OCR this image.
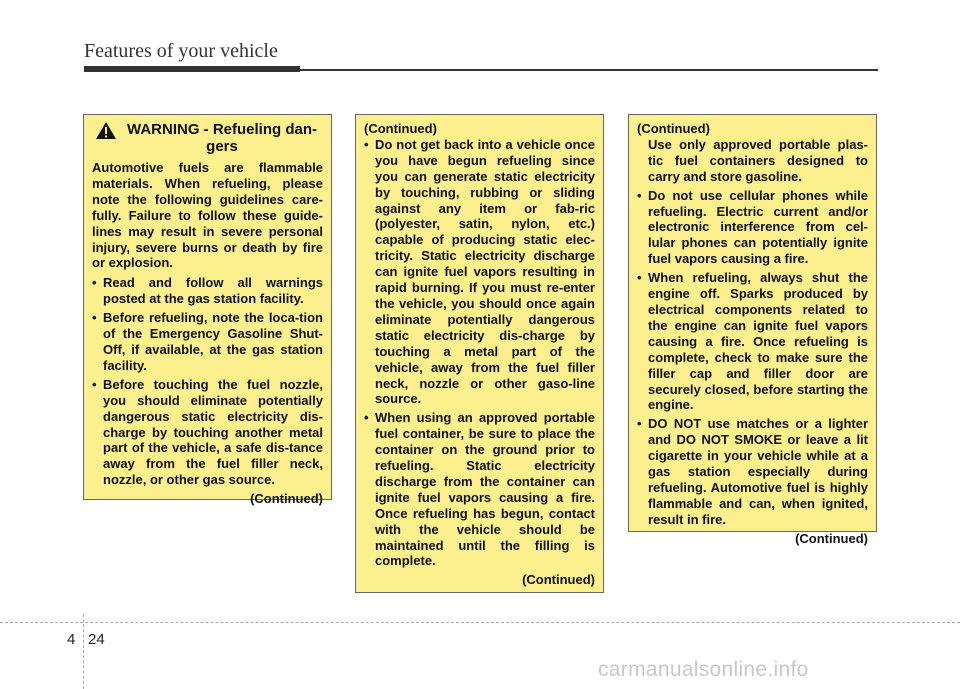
Features of your vehicle
WARNING - Refueling dan-gers

Automotive fuels are flammable materials. When refueling, please note the following guidelines care-fully. Failure to follow these guide-lines may result in severe personal injury, severe burns or death by fire or explosion.

• Read and follow all warnings posted at the gas station facility.

• Before refueling, note the loca-tion of the Emergency Gasoline Shut-Off, if available, at the gas station facility.

• Before touching the fuel nozzle, you should eliminate potentially dangerous static electricity dis-charge by touching another metal part of the vehicle, a safe dis-tance away from the fuel filler neck, nozzle, or other gas source.

(Continued)

(Continued)

• Do not get back into a vehicle once you have begun refueling since you can generate static electricity by touching, rubbing or sliding against any item or fab-ric (polyester, satin, nylon, etc.) capable of producing static elec-tricity. Static electricity discharge can ignite fuel vapors resulting in rapid burning. If you must re-enter the vehicle, you should once again eliminate potentially dangerous static electricity dis-charge by touching a metal part of the vehicle, away from the fuel filler neck, nozzle or other gaso-line source.

• When using an approved portable fuel container, be sure to place the container on the ground prior to refueling. Static electricity discharge from the container can ignite fuel vapors causing a fire. Once refueling has begun, contact with the vehicle should be maintained until the filling is complete.

(Continued)

(Continued)

Use only approved portable plas-tic fuel containers designed to carry and store gasoline.

• Do not use cellular phones while refueling. Electric current and/or electronic interference from cel-lular phones can potentially ignite fuel vapors causing a fire.

• When refueling, always shut the engine off. Sparks produced by electrical components related to the engine can ignite fuel vapors causing a fire. Once refueling is complete, check to make sure the filler cap and filler door are securely closed, before starting the engine.

• DO NOT use matches or a lighter and DO NOT SMOKE or leave a lit cigarette in your vehicle while at a gas station especially during refueling. Automotive fuel is highly flammable and can, when ignited, result in fire.

(Continued)

4 24
carmanualsonline.info
